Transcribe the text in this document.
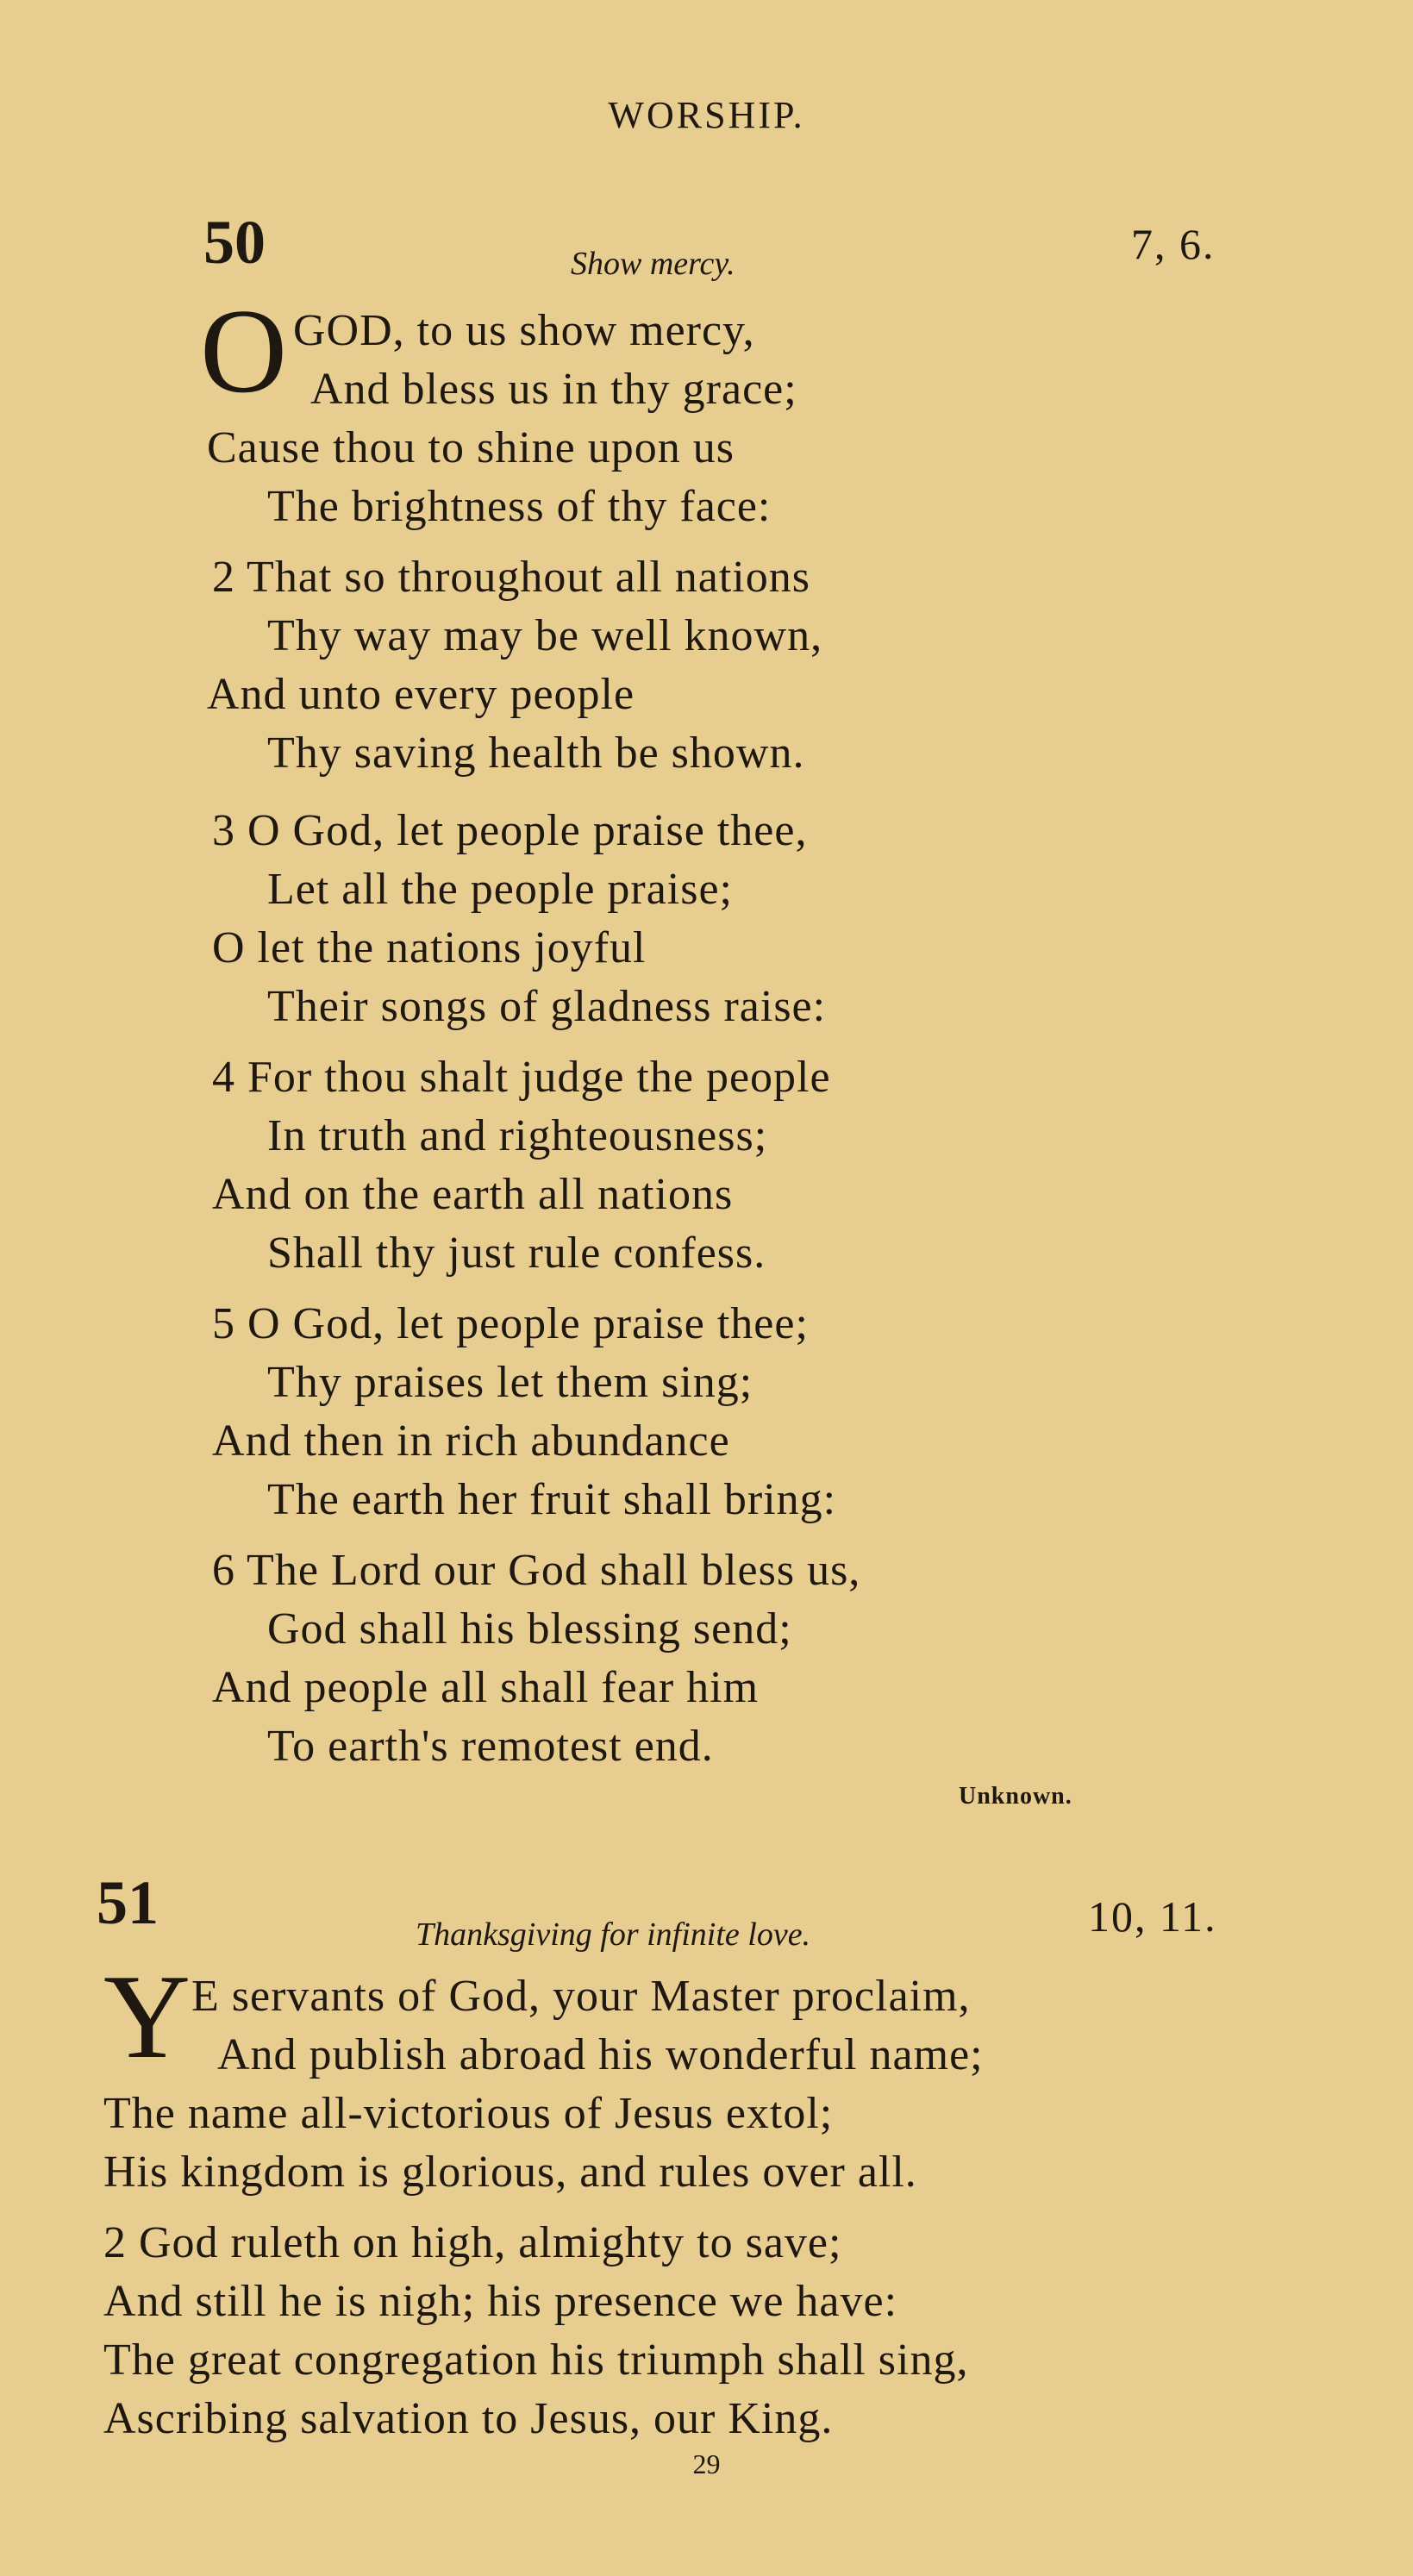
WORSHIP.
50	Show mercy.	7, 6.
O GOD, to us show mercy,
And bless us in thy grace;
Cause thou to shine upon us
The brightness of thy face:
2 That so throughout all nations
Thy way may be well known,
And unto every people
Thy saving health be shown.
3 O God, let people praise thee,
Let all the people praise;
O let the nations joyful
Their songs of gladness raise:
4 For thou shalt judge the people
In truth and righteousness;
And on the earth all nations
Shall thy just rule confess.
5 O God, let people praise thee;
Thy praises let them sing;
And then in rich abundance
The earth her fruit shall bring:
6 The Lord our God shall bless us,
God shall his blessing send;
And people all shall fear him
To earth's remotest end.
Unknown.
51	Thanksgiving for infinite love.	10, 11.
Y E servants of God, your Master proclaim,
And publish abroad his wonderful name;
The name all-victorious of Jesus extol;
His kingdom is glorious, and rules over all.
2 God ruleth on high, almighty to save;
And still he is nigh; his presence we have:
The great congregation his triumph shall sing,
Ascribing salvation to Jesus, our King.
29
